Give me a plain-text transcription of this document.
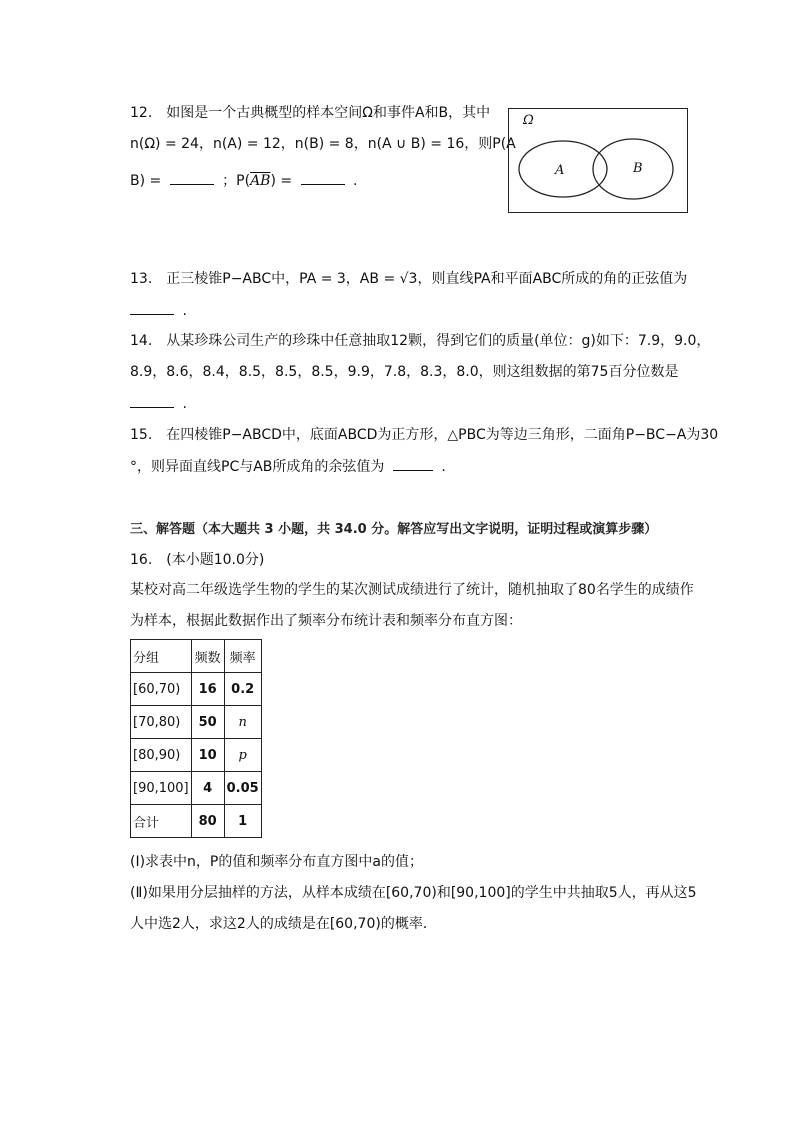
12.　如图是一个古典概型的样本空间Ω和事件A和B，其中
n(Ω) = 24，n(A) = 12，n(B) = 8，n(A ∪ B) = 16，则P(A
B) =	；$P(\overline{AB})$ =	.
Ω
A	B
13.　正三棱锥P−ABC中，PA = 3，AB = √3，则直线PA和平面ABC所成的角的正弦值为
.
14.　从某珍珠公司生产的珍珠中任意抽取12颗，得到它们的质量(单位：g)如下：7.9，9.0，
8.9，8.6，8.4，8.5，8.5，8.5，9.9，7.8，8.3，8.0，则这组数据的第75百分位数是
.
15.　在四棱锥P−ABCD中，底面ABCD为正方形，△PBC为等边三角形，二面角P−BC−A为30
°，则异面直线PC与AB所成角的余弦值为	.
三、解答题（本大题共 3 小题，共 34.0 分。解答应写出文字说明，证明过程或演算步骤）
16.　(本小题10.0分)
某校对高二年级选学生物的学生的某次测试成绩进行了统计，随机抽取了80名学生的成绩作
为样本，根据此数据作出了频率分布统计表和频率分布直方图：
分组	频数	频率
[60,70)	16	0.2
[70,80)	50	n
[80,90)	10	p
[90,100]	4	0.05
合计	80	1
(Ⅰ)求表中n，P的值和频率分布直方图中a的值；
(Ⅱ)如果用分层抽样的方法，从样本成绩在[60,70)和[90,100]的学生中共抽取5人，再从这5
人中选2人，求这2人的成绩是在[60,70)的概率．
